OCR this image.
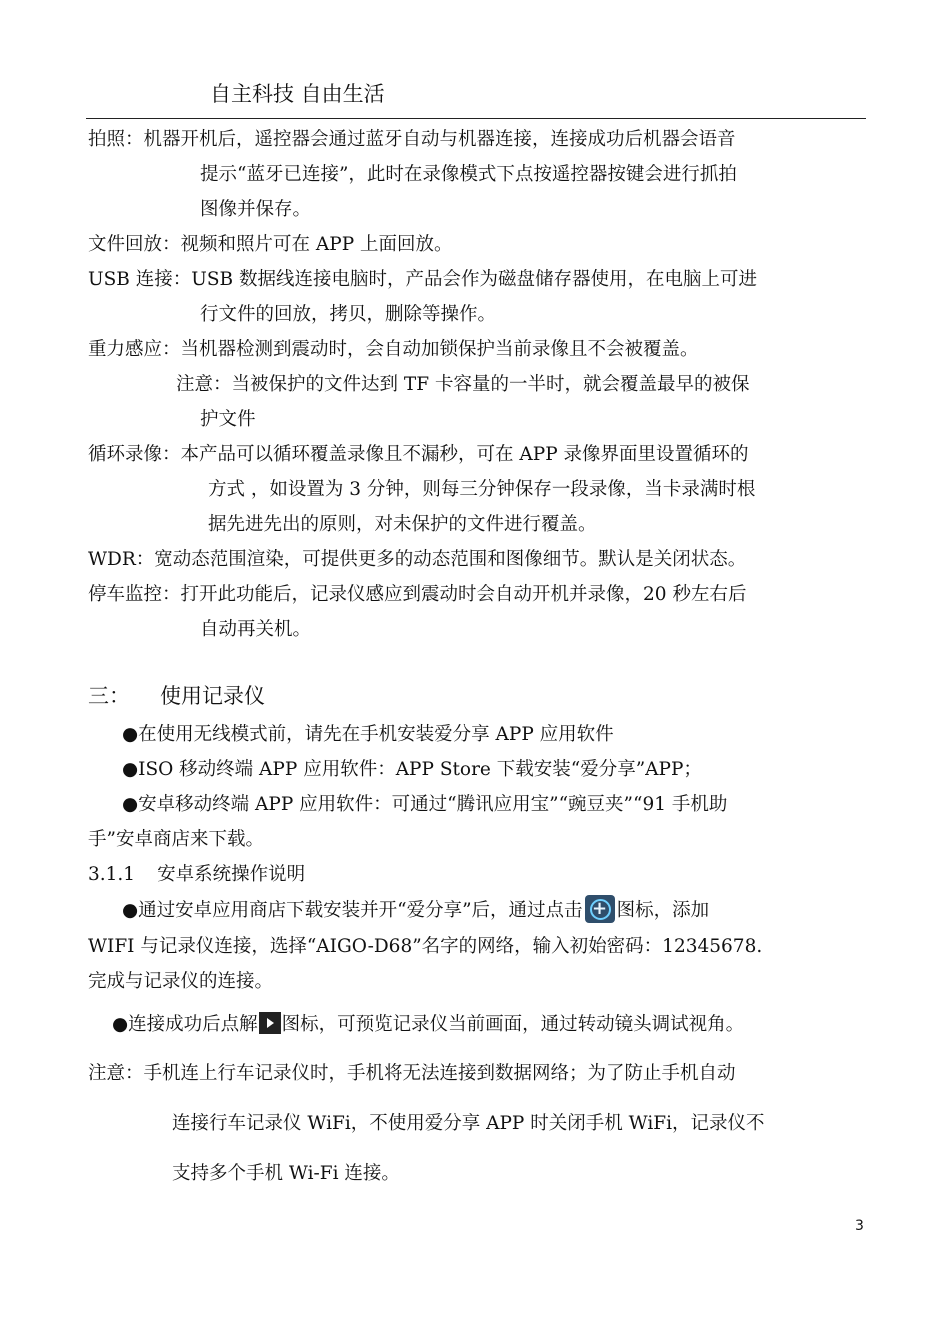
自主科技 自由生活
拍照：机器开机后，遥控器会通过蓝牙自动与机器连接，连接成功后机器会语音
提示“蓝牙已连接”，此时在录像模式下点按遥控器按键会进行抓拍
图像并保存。
文件回放：视频和照片可在 APP 上面回放。
USB 连接：USB 数据线连接电脑时，产品会作为磁盘储存器使用，在电脑上可进
行文件的回放，拷贝，删除等操作。
重力感应：当机器检测到震动时，会自动加锁保护当前录像且不会被覆盖。
注意：当被保护的文件达到 TF 卡容量的一半时，就会覆盖最早的被保
护文件
循环录像：本产品可以循环覆盖录像且不漏秒，可在 APP 录像界面里设置循环的
方式 ，如设置为 3 分钟，则每三分钟保存一段录像，当卡录满时根
据先进先出的原则，对未保护的文件进行覆盖。
WDR：宽动态范围渲染，可提供更多的动态范围和图像细节。默认是关闭状态。
停车监控：打开此功能后，记录仪感应到震动时会自动开机并录像，20 秒左右后
自动再关机。
三： 使用记录仪
●在使用无线模式前，请先在手机安装爱分享 APP 应用软件
●ISO 移动终端 APP 应用软件：APP Store 下载安装“爱分享”APP；
●安卓移动终端 APP 应用软件：可通过“腾讯应用宝”“豌豆夹”“91 手机助
手”安卓商店来下载。
3.1.1 安卓系统操作说明
●通过安卓应用商店下载安装并开“爱分享”后，通过点击+ 图标，添加
WIFI 与记录仪连接，选择“AIGO-D68”名字的网络，输入初始密码：12345678.
完成与记录仪的连接。
●连接成功后点解 图标，可预览记录仪当前画面，通过转动镜头调试视角。
注意：手机连上行车记录仪时，手机将无法连接到数据网络；为了防止手机自动
连接行车记录仪 WiFi，不使用爱分享 APP 时关闭手机 WiFi，记录仪不
支持多个手机 Wi-Fi 连接。
3
